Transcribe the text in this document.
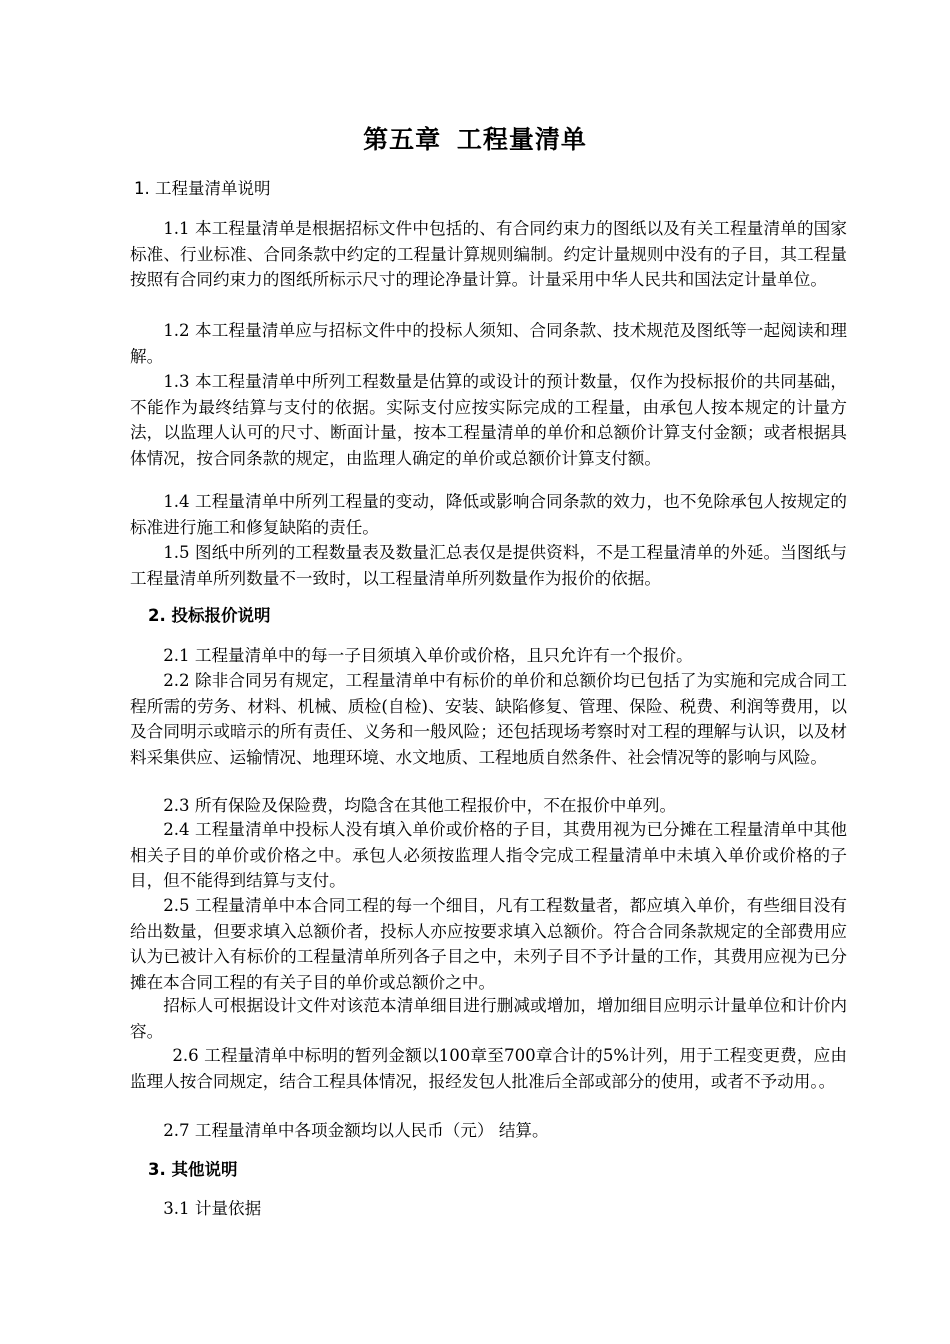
第五章 工程量清单
1. 工程量清单说明
1.1 本工程量清单是根据招标文件中包括的、有合同约束力的图纸以及有关工程量清单的国家标准、行业标准、合同条款中约定的工程量计算规则编制。约定计量规则中没有的子目，其工程量按照有合同约束力的图纸所标示尺寸的理论净量计算。计量采用中华人民共和国法定计量单位。
1.2 本工程量清单应与招标文件中的投标人须知、合同条款、技术规范及图纸等一起阅读和理解。
1.3 本工程量清单中所列工程数量是估算的或设计的预计数量，仅作为投标报价的共同基础，不能作为最终结算与支付的依据。实际支付应按实际完成的工程量，由承包人按本规定的计量方法，以监理人认可的尺寸、断面计量，按本工程量清单的单价和总额价计算支付金额；或者根据具体情况，按合同条款的规定，由监理人确定的单价或总额价计算支付额。
1.4 工程量清单中所列工程量的变动，降低或影响合同条款的效力，也不免除承包人按规定的标准进行施工和修复缺陷的责任。
1.5 图纸中所列的工程数量表及数量汇总表仅是提供资料，不是工程量清单的外延。当图纸与工程量清单所列数量不一致时，以工程量清单所列数量作为报价的依据。
2. 投标报价说明
2.1 工程量清单中的每一子目须填入单价或价格，且只允许有一个报价。
2.2 除非合同另有规定，工程量清单中有标价的单价和总额价均已包括了为实施和完成合同工程所需的劳务、材料、机械、质检(自检)、安装、缺陷修复、管理、保险、税费、利润等费用，以及合同明示或暗示的所有责任、义务和一般风险；还包括现场考察时对工程的理解与认识，以及材料采集供应、运输情况、地理环境、水文地质、工程地质自然条件、社会情况等的影响与风险。
2.3 所有保险及保险费，均隐含在其他工程报价中，不在报价中单列。
2.4 工程量清单中投标人没有填入单价或价格的子目，其费用视为已分摊在工程量清单中其他相关子目的单价或价格之中。承包人必须按监理人指令完成工程量清单中未填入单价或价格的子目，但不能得到结算与支付。
2.5 工程量清单中本合同工程的每一个细目，凡有工程数量者，都应填入单价，有些细目没有给出数量，但要求填入总额价者，投标人亦应按要求填入总额价。符合合同条款规定的全部费用应认为已被计入有标价的工程量清单所列各子目之中，未列子目不予计量的工作，其费用应视为已分摊在本合同工程的有关子目的单价或总额价之中。
招标人可根据设计文件对该范本清单细目进行删减或增加，增加细目应明示计量单位和计价内容。
2.6 工程量清单中标明的暂列金额以100章至700章合计的5%计列，用于工程变更费，应由监理人按合同规定，结合工程具体情况，报经发包人批准后全部或部分的使用，或者不予动用。。
2.7 工程量清单中各项金额均以人民币（元） 结算。
3. 其他说明
3.1 计量依据
